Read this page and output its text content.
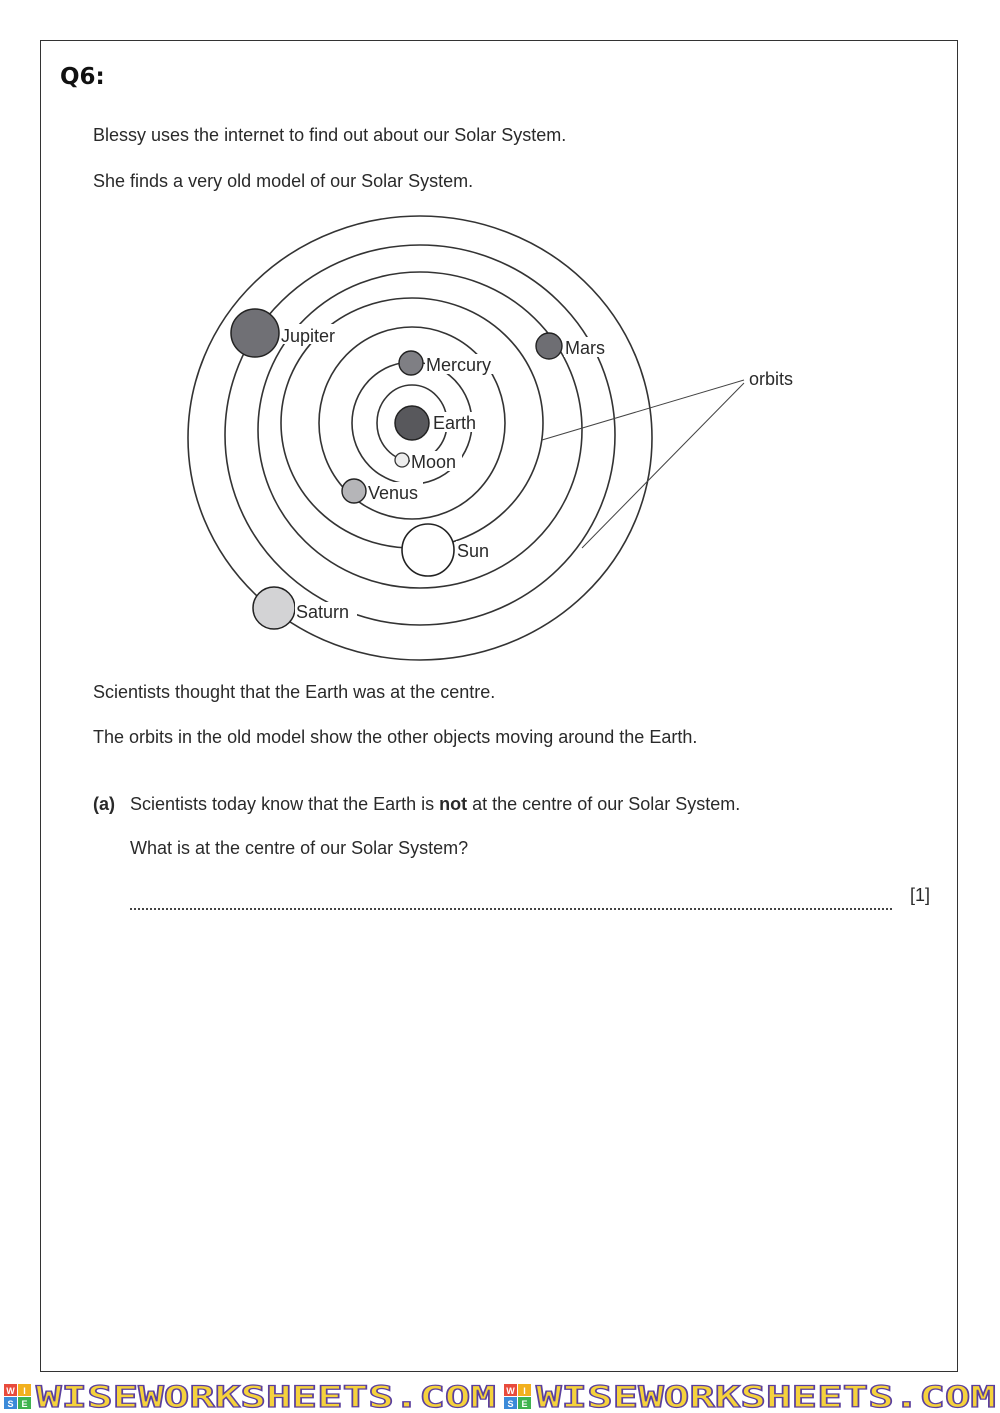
Q6:
Blessy uses the internet to find out about our Solar System.
She finds a very old model of our Solar System.
Jupiter
Mercury
Mars
Earth
Moon
Venus
Sun
Saturn
orbits
Scientists thought that the Earth was at the centre.
The orbits in the old model show the other objects moving around the Earth.
(a) Scientists today know that the Earth is not at the centre of our Solar System.
What is at the centre of our Solar System?
[1]
W I
S E WISEWORKSHEETS.COM W I
S E WISEWORKSHEETS.COM
